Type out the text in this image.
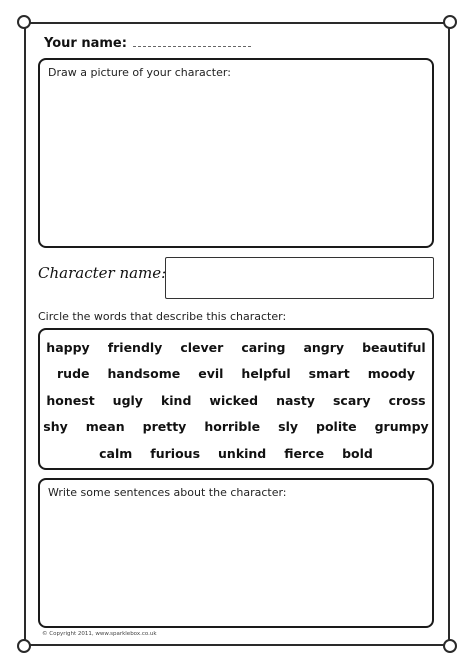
Your name:
Draw a picture of your character:
Character name:
Circle the words that describe this character:
happy friendly clever caring angry beautiful
rude handsome evil helpful smart moody
honest ugly kind wicked nasty scary cross
shy mean pretty horrible sly polite grumpy
calm furious unkind fierce bold
Write some sentences about the character:
© Copyright 2011, www.sparklebox.co.uk
